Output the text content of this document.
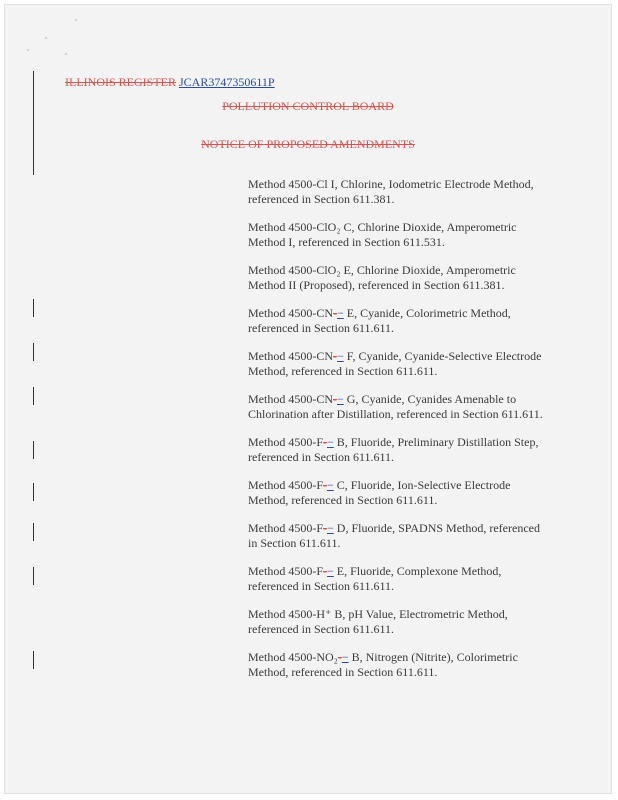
ILLINOIS REGISTER JCAR3747350611P
POLLUTION CONTROL BOARD
NOTICE OF PROPOSED AMENDMENTS

Method 4500-Cl I, Chlorine, Iodometric Electrode Method, referenced in Section 611.381.

Method 4500-ClO₂ C, Chlorine Dioxide, Amperometric Method I, referenced in Section 611.531.

Method 4500-ClO₂ E, Chlorine Dioxide, Amperometric Method II (Proposed), referenced in Section 611.381.

Method 4500-CN-− E, Cyanide, Colorimetric Method, referenced in Section 611.611.

Method 4500-CN-− F, Cyanide, Cyanide-Selective Electrode Method, referenced in Section 611.611.

Method 4500-CN-− G, Cyanide, Cyanides Amenable to Chlorination after Distillation, referenced in Section 611.611.

Method 4500-F-− B, Fluoride, Preliminary Distillation Step, referenced in Section 611.611.

Method 4500-F-− C, Fluoride, Ion-Selective Electrode Method, referenced in Section 611.611.

Method 4500-F-− D, Fluoride, SPADNS Method, referenced in Section 611.611.

Method 4500-F-− E, Fluoride, Complexone Method, referenced in Section 611.611.

Method 4500-H⁺ B, pH Value, Electrometric Method, referenced in Section 611.611.

Method 4500-NO₂-− B, Nitrogen (Nitrite), Colorimetric Method, referenced in Section 611.611.
